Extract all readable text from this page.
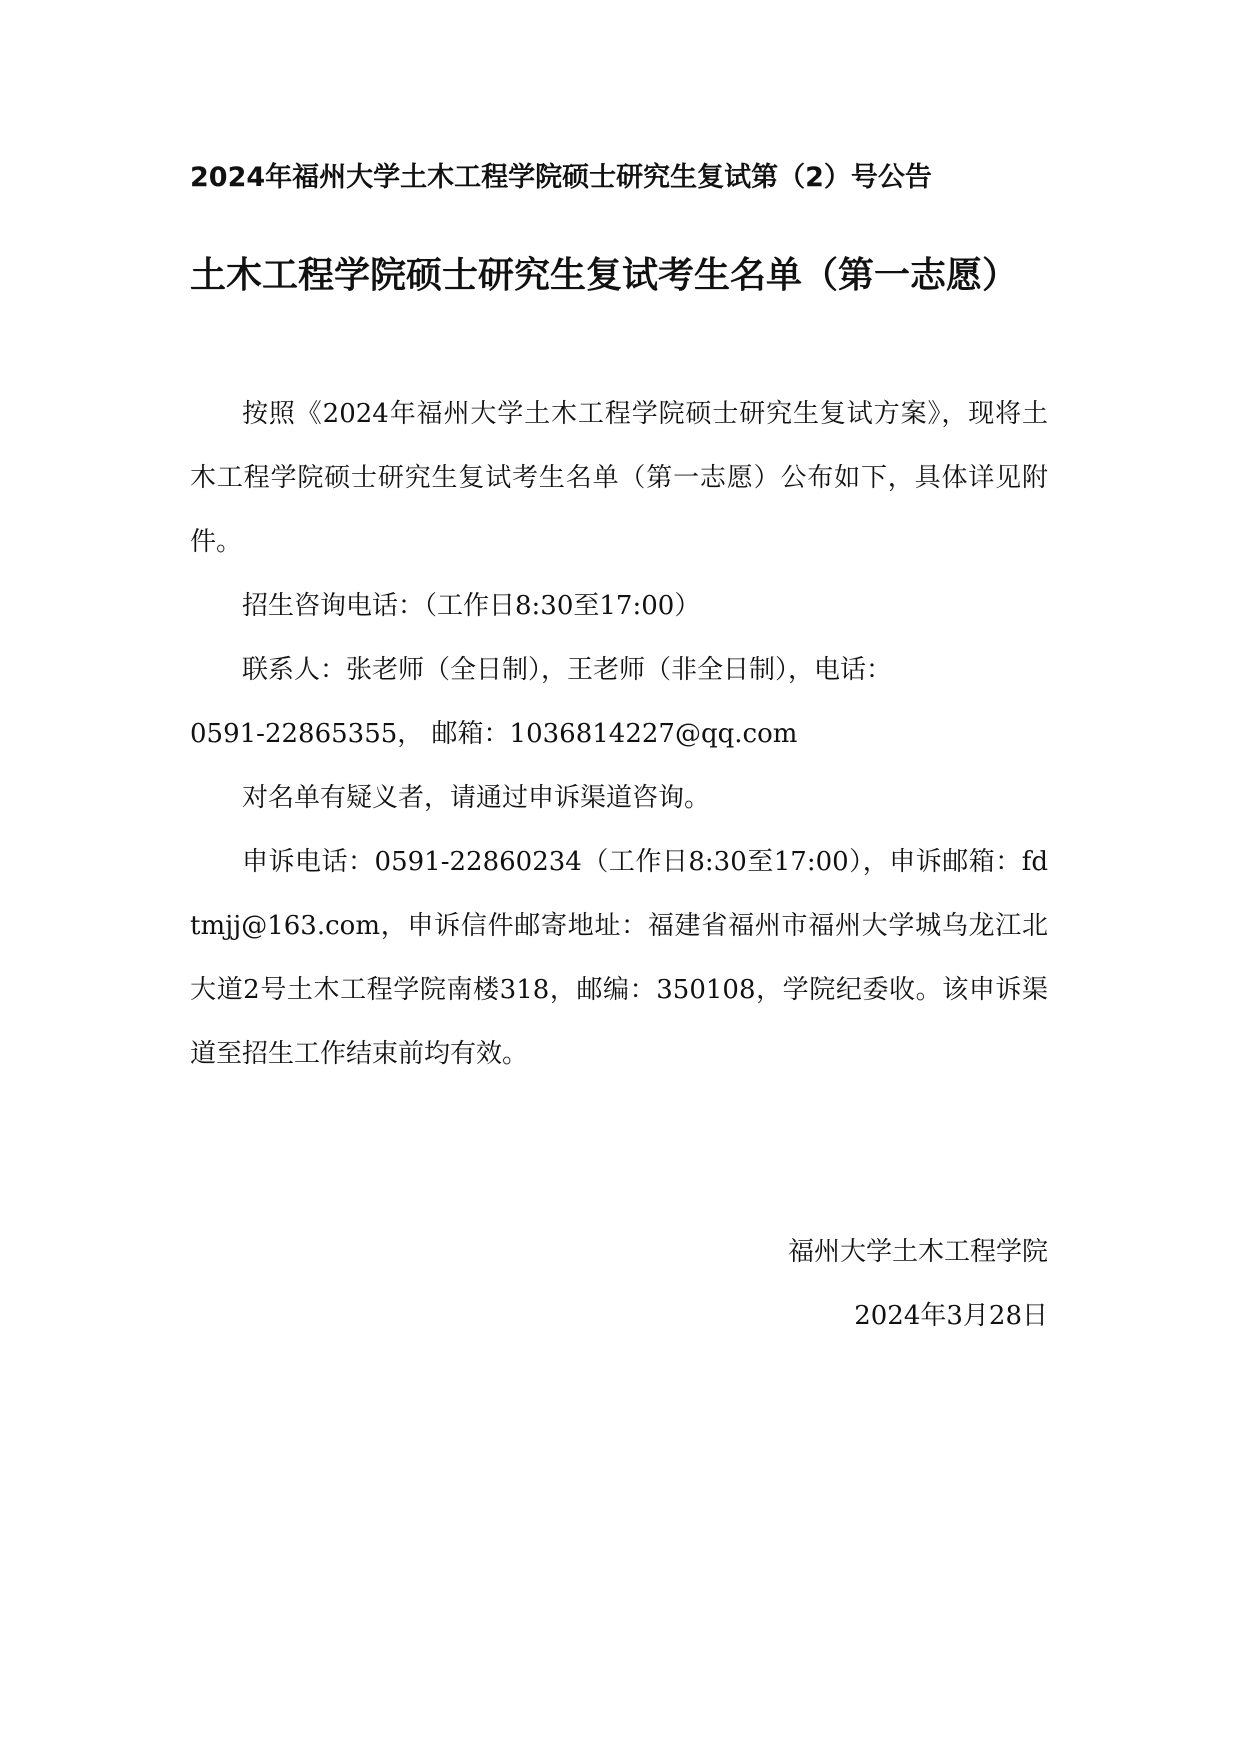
2024年福州大学土木工程学院硕士研究生复试第（2）号公告
土木工程学院硕士研究生复试考生名单（第一志愿）

按照《2024年福州大学土木工程学院硕士研究生复试方案》，现将土木工程学院硕士研究生复试考生名单（第一志愿）公布如下，具体详见附件。

招生咨询电话：（工作日8:30至17:00）

联系人：张老师（全日制），王老师（非全日制），电话：

0591-22865355， 邮箱：1036814227@qq.com

对名单有疑义者，请通过申诉渠道咨询。

申诉电话：0591-22860234（工作日8:30至17:00），申诉邮箱：fdtmjj@163.com，申诉信件邮寄地址：福建省福州市福州大学城乌龙江北大道2号土木工程学院南楼318，邮编：350108，学院纪委收。该申诉渠道至招生工作结束前均有效。

福州大学土木工程学院
2024年3月28日
